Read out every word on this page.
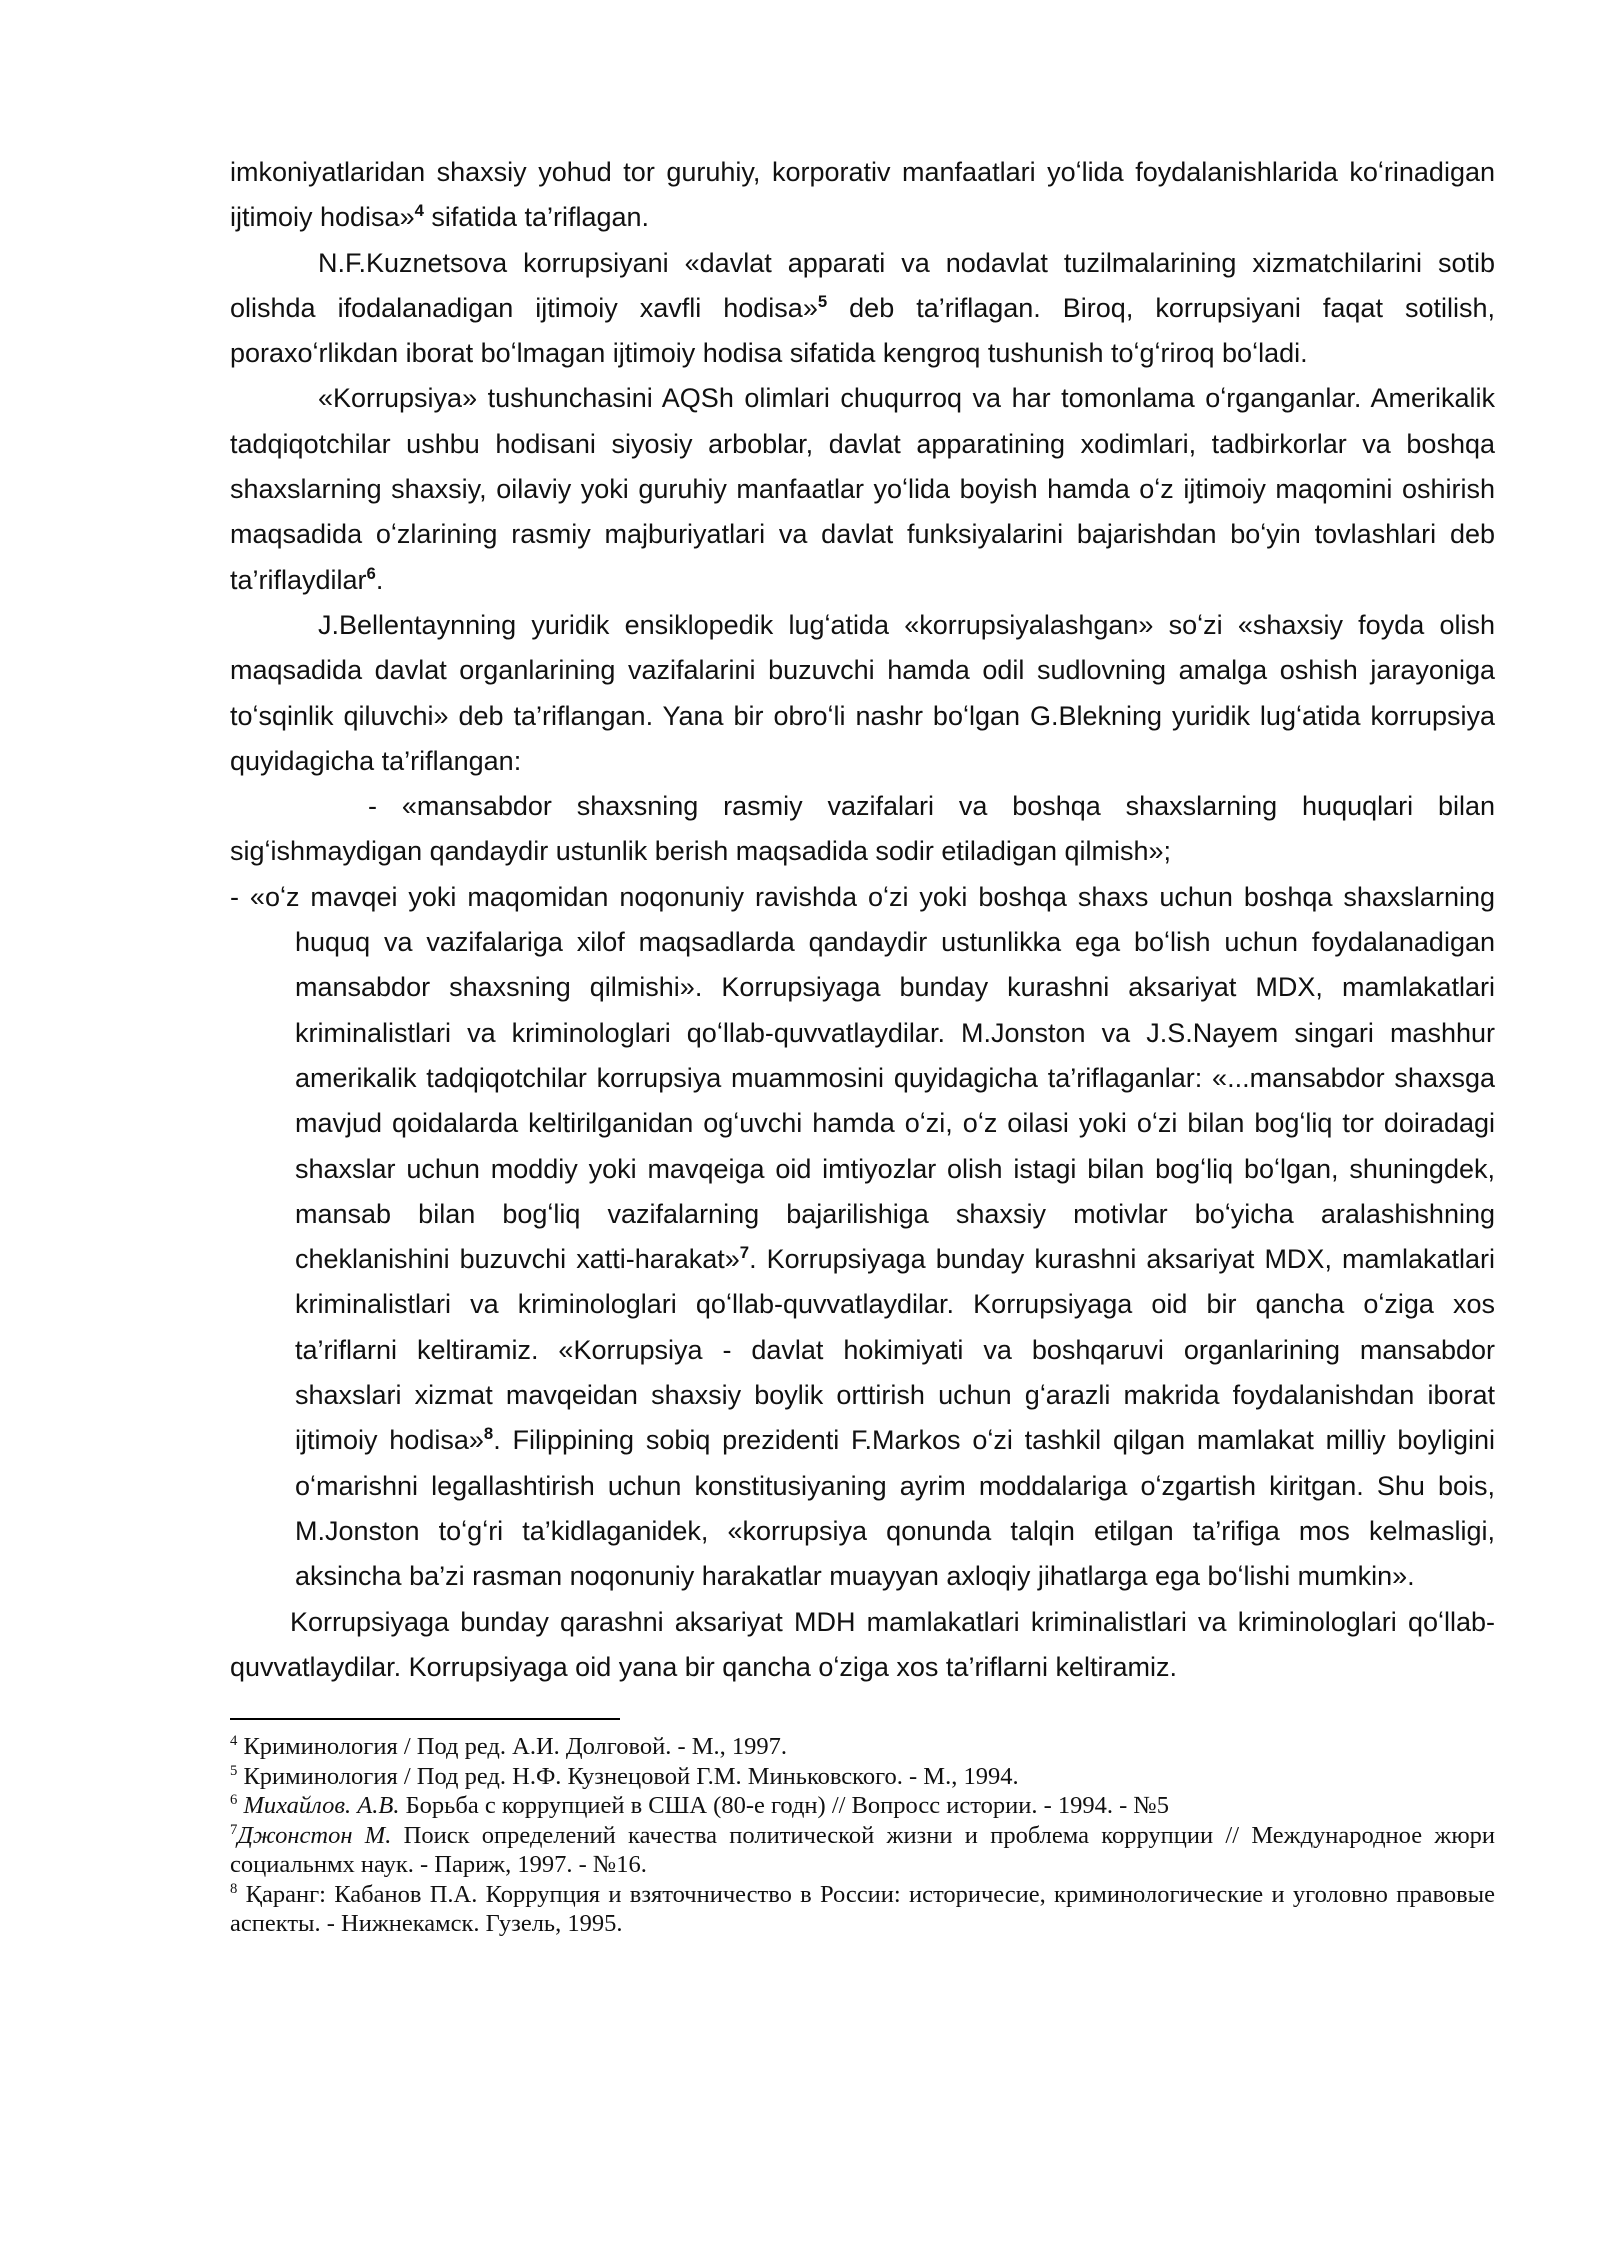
imkoniyatlaridan shaxsiy yohud tor guruhiy, korporativ manfaatlari yoʻlida foydalanishlarida koʻrinadigan ijtimoiy hodisa»$^4$ sifatida ta’riflagan.

N.F.Kuznetsova korrupsiyani «davlat apparati va nodavlat tuzilmalarining xizmatchilarini sotib olishda ifodalanadigan ijtimoiy xavfli hodisa»$^5$ deb ta’riflagan. Biroq, korrupsiyani faqat sotilish, poraxoʻrlikdan iborat boʻlmagan ijtimoiy hodisa sifatida kengroq tushunish toʻgʻriroq boʻladi.

«Korrupsiya» tushunchasini AQSh olimlari chuqurroq va har tomonlama oʻrganganlar. Amerikalik tadqiqotchilar ushbu hodisani siyosiy arboblar, davlat apparatining xodimlari, tadbirkorlar va boshqa shaxslarning shaxsiy, oilaviy yoki guruhiy manfaatlar yoʻlida boyish hamda oʻz ijtimoiy maqomini oshirish maqsadida oʻzlarining rasmiy majburiyatlari va davlat funksiyalarini bajarishdan boʻyin tovlashlari deb ta’riflaydilar$^6$.

J.Bellentaynning yuridik ensiklopedik lugʻatida «korrupsiyalashgan» soʻzi «shaxsiy foyda olish maqsadida davlat organlarining vazifalarini buzuvchi hamda odil sudlovning amalga oshish jarayoniga toʻsqinlik qiluvchi» deb ta’riflangan. Yana bir obroʻli nashr boʻlgan G.Blekning yuridik lugʻatida korrupsiya quyidagicha ta’riflangan:

- «mansabdor shaxsning rasmiy vazifalari va boshqa shaxslarning huquqlari bilan sigʻishmaydigan qandaydir ustunlik berish maqsadida sodir etiladigan qilmish»;

- «oʻz mavqei yoki maqomidan noqonuniy ravishda oʻzi yoki boshqa shaxs uchun boshqa shaxslarning huquq va vazifalariga xilof maqsadlarda qandaydir ustunlikka ega boʻlish uchun foydalanadigan mansabdor shaxsning qilmishi». Korrupsiyaga bunday kurashni aksariyat MDX, mamlakatlari kriminalistlari va kriminologlari qoʻllab-quvvatlaydilar. M.Jonston va J.S.Nayem singari mashhur amerikalik tadqiqotchilar korrupsiya muammosini quyidagicha ta’riflaganlar: «...mansabdor shaxsga mavjud qoidalarda keltirilganidan ogʻuvchi hamda oʻzi, oʻz oilasi yoki oʻzi bilan bogʻliq tor doiradagi shaxslar uchun moddiy yoki mavqeiga oid imtiyozlar olish istagi bilan bogʻliq boʻlgan, shuningdek, mansab bilan bogʻliq vazifalarning bajarilishiga shaxsiy motivlar boʻyicha aralashishning cheklanishini buzuvchi xatti-harakat»$^7$. Korrupsiyaga bunday kurashni aksariyat MDX, mamlakatlari kriminalistlari va kriminologlari qoʻllab-quvvatlaydilar. Korrupsiyaga oid bir qancha oʻziga xos ta’riflarni keltiramiz. «Korrupsiya - davlat hokimiyati va boshqaruvi organlarining mansabdor shaxslari xizmat mavqeidan shaxsiy boylik orttirish uchun gʻarazli makrida foydalanishdan iborat ijtimoiy hodisa»$^8$. Filippining sobiq prezidenti F.Markos oʻzi tashkil qilgan mamlakat milliy boyligini oʻmarishni legallashtirish uchun konstitusiyaning ayrim moddalariga oʻzgartish kiritgan. Shu bois, M.Jonston toʻgʻri ta’kidlaganidek, «korrupsiya qonunda talqin etilgan ta’rifiga mos kelmasligi, aksincha ba’zi rasman noqonuniy harakatlar muayyan axloqiy jihatlarga ega boʻlishi mumkin».

Korrupsiyaga bunday qarashni aksariyat MDH mamlakatlari kriminalistlari va kriminologlari qoʻllab-quvvatlaydilar. Korrupsiyaga oid yana bir qancha oʻziga xos ta’riflarni keltiramiz.

$^4$ Криминология / Под ред. А.И. Долговой. - М., 1997.

$^5$ Криминология / Под ред. Н.Ф. Кузнецовой Г.М. Миньковского. - М., 1994.

$^6$ Михайлов. А.В. Борьба с коррупцией в США (80-е годн) // Вопросс истории. - 1994. - №5

$^7$Джонстон М. Поиск определений качества политической жизни и проблема коррупции // Международное жюри социальнмх наук. - Париж, 1997. - №16.

$^8$ Қаранг: Кабанов П.А. Коррупция и взяточничество в России: историчесие, криминологические и уголовно правовые аспекты. - Нижнекамск. Гузель, 1995.
